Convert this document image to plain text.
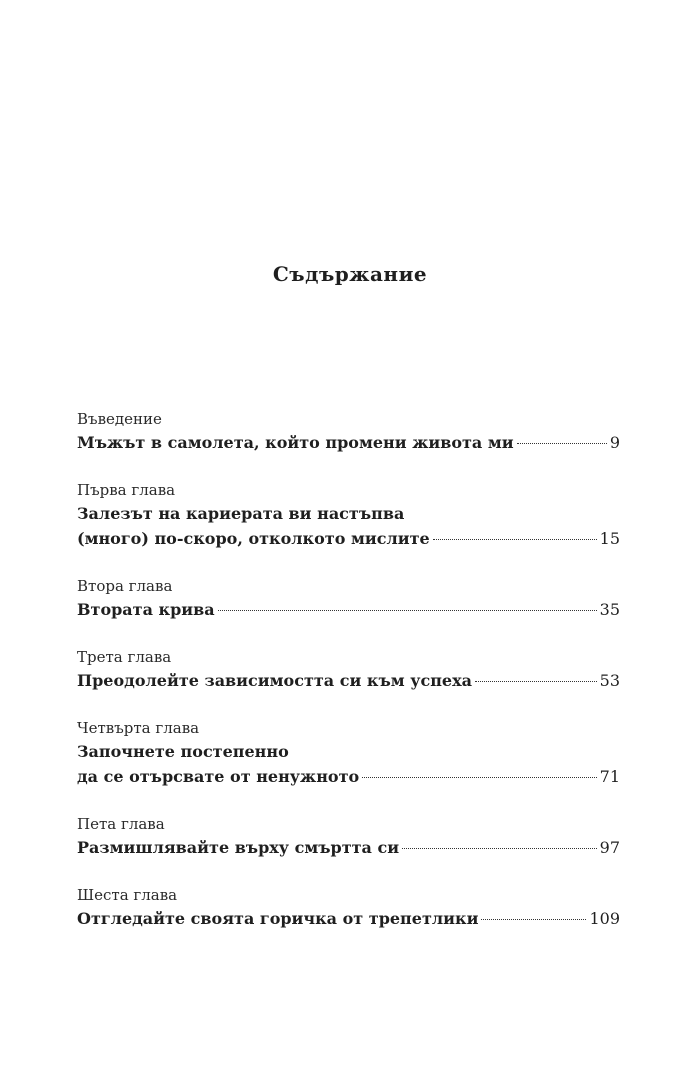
Съдържание
Въведение
Мъжът в самолета, който промени живота ми	9
Първа глава
Залезът на кариерата ви настъпва
(много) по-скоро, отколкото мислите	15
Втора глава
Втората крива	35
Трета глава
Преодолейте зависимостта си към успеха	53
Четвърта глава
Започнете постепенно
да се отърсвате от ненужното	71
Пета глава
Размишлявайте върху смъртта си	97
Шеста глава
Отгледайте своята горичка от трепетлики	109
